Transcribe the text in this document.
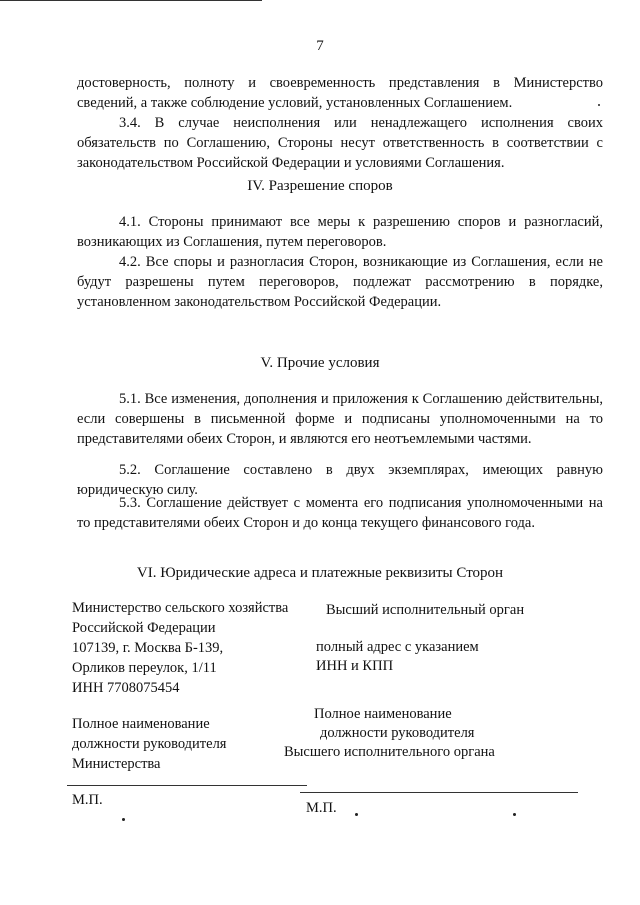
7

достоверность, полноту и своевременность представления в Министерство сведений, а также соблюдение условий, установленных Соглашением.

3.4. В случае неисполнения или ненадлежащего исполнения своих обязательств по Соглашению, Стороны несут ответственность в соответствии с законодательством Российской Федерации и условиями Соглашения.

IV. Разрешение споров

4.1. Стороны принимают все меры к разрешению споров и разногласий, возникающих из Соглашения, путем переговоров.

4.2. Все споры и разногласия Сторон, возникающие из Соглашения, если не будут разрешены путем переговоров, подлежат рассмотрению в порядке, установленном законодательством Российской Федерации.

V. Прочие условия

5.1. Все изменения, дополнения и приложения к Соглашению действительны, если совершены в письменной форме и подписаны уполномоченными на то представителями обеих Сторон, и являются его неотъемлемыми частями.

5.2. Соглашение составлено в двух экземплярах, имеющих равную юридическую силу.

5.3. Соглашение действует с момента его подписания уполномоченными на то представителями обеих Сторон и до конца текущего финансового года.

VI. Юридические адреса и платежные реквизиты Сторон

Министерство сельского хозяйства
Российской Федерации
107139, г. Москва Б-139,
Орликов переулок, 1/11
ИНН 7708075454
Высший исполнительный орган
полный адрес с указанием
ИНН и КПП
Полное наименование
должности руководителя
Министерства
Полное наименование
должности руководителя
Высшего исполнительного органа
М.П.	М.П.
